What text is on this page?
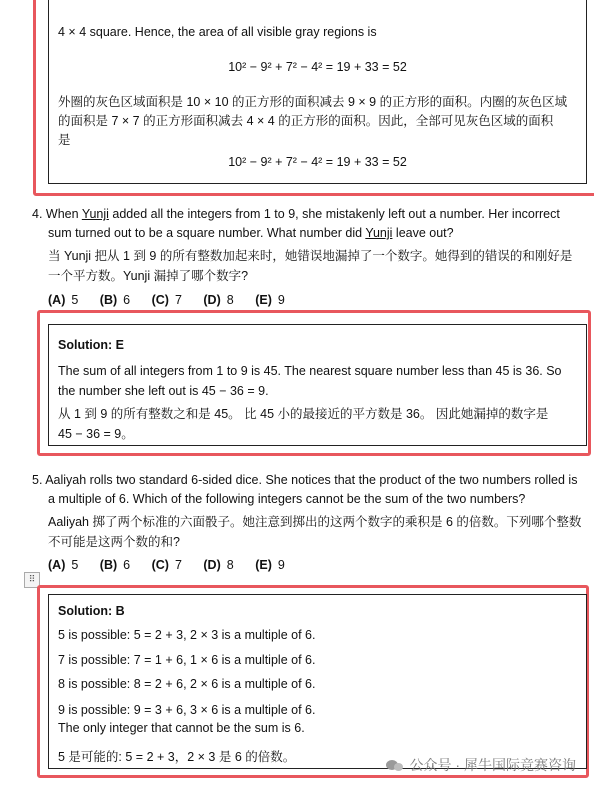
4 × 4 square. Hence, the area of all visible gray regions is
10² − 9² + 7² − 4² = 19 + 33 = 52
外圈的灰色区域面积是 10 × 10 的正方形的面积减去 9 × 9 的正方形的面积。内圈的灰色区域
的面积是 7 × 7 的正方形面积减去 4 × 4 的正方形的面积。因此，全部可见灰色区域的面积
是
10² − 9² + 7² − 4² = 19 + 33 = 52
4. When Yunji added all the integers from 1 to 9, she mistakenly left out a number. Her incorrect
sum turned out to be a square number. What number did Yunji leave out?
当 Yunji 把从 1 到 9 的所有整数加起来时，她错误地漏掉了一个数字。她得到的错误的和刚好是
一个平方数。Yunji 漏掉了哪个数字?
(A) 5 (B) 6 (C) 7 (D) 8 (E) 9
Solution: E
The sum of all integers from 1 to 9 is 45. The nearest square number less than 45 is 36. So
the number she left out is 45 − 36 = 9.
从 1 到 9 的所有整数之和是 45。 比 45 小的最接近的平方数是 36。 因此她漏掉的数字是
45 − 36 = 9。
5. Aaliyah rolls two standard 6-sided dice. She notices that the product of the two numbers rolled is
a multiple of 6. Which of the following integers cannot be the sum of the two numbers?
Aaliyah 掷了两个标准的六面骰子。她注意到掷出的这两个数字的乘积是 6 的倍数。下列哪个整数
不可能是这两个数的和?
⠿
(A) 5 (B) 6 (C) 7 (D) 8 (E) 9
Solution: B
5 is possible: 5 = 2 + 3, 2 × 3 is a multiple of 6.
7 is possible: 7 = 1 + 6, 1 × 6 is a multiple of 6.
8 is possible: 8 = 2 + 6, 2 × 6 is a multiple of 6.
9 is possible: 9 = 3 + 6, 3 × 6 is a multiple of 6.
The only integer that cannot be the sum is 6.
5 是可能的: 5 = 2 + 3，2 × 3 是 6 的倍数。	公众号 · 犀牛国际竞赛咨询
